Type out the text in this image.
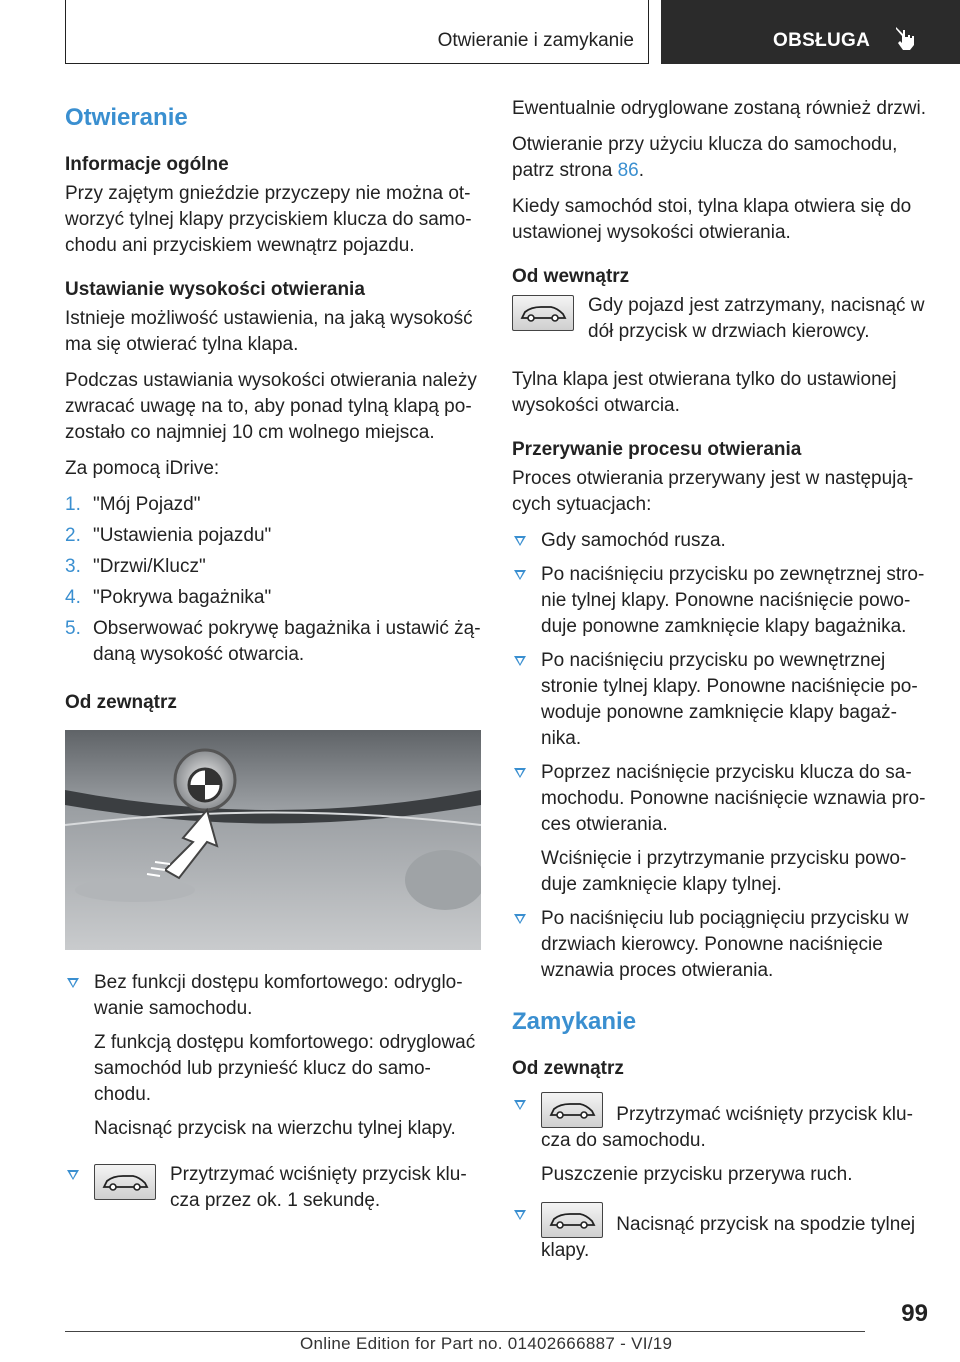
Otwieranie i zamykanie	OBSŁUGA
Otwieranie
Informacje ogólne

Przy zajętym gnieździe przyczepy nie można otworzyć tylnej klapy przyciskiem klucza do samochodu ani przyciskiem wewnątrz pojazdu.

Ustawianie wysokości otwierania

Istnieje możliwość ustawienia, na jaką wysokość ma się otwierać tylna klapa.

Podczas ustawiania wysokości otwierania należy zwracać uwagę na to, aby ponad tylną klapą pozostało co najmniej 10 cm wolnego miejsca.

Za pomocą iDrive:

1. "Mój Pojazd"
2. "Ustawienia pojazdu"
3. "Drzwi/Klucz"
4. "Pokrywa bagażnika"
5. Obserwować pokrywę bagażnika i ustawić żądaną wysokość otwarcia.
Od zewnątrz

Bez funkcji dostępu komfortowego: odryglowanie samochodu.

Z funkcją dostępu komfortowego: odryglować samochód lub przynieść klucz do samochodu.

Nacisnąć przycisk na wierzchu tylnej klapy.

Przytrzymać wciśnięty przycisk klucza przez ok. 1 sekundę.

Ewentualnie odryglowane zostaną również drzwi.

Otwieranie przy użyciu klucza do samochodu, patrz strona 86.

Kiedy samochód stoi, tylna klapa otwiera się do ustawionej wysokości otwierania.

Od wewnątrz

Gdy pojazd jest zatrzymany, nacisnąć w dół przycisk w drzwiach kierowcy.

Tylna klapa jest otwierana tylko do ustawionej wysokości otwarcia.

Przerywanie procesu otwierania

Proces otwierania przerywany jest w następujących sytuacjach:

Gdy samochód rusza.
Po naciśnięciu przycisku po zewnętrznej stronie tylnej klapy. Ponowne naciśnięcie powoduje ponowne zamknięcie klapy bagażnika.
Po naciśnięciu przycisku po wewnętrznej stronie tylnej klapy. Ponowne naciśnięcie powoduje ponowne zamknięcie klapy bagażnika.
Poprzez naciśnięcie przycisku klucza do samochodu. Ponowne naciśnięcie wznawia proces otwierania.

Wciśnięcie i przytrzymanie przycisku powoduje zamknięcie klapy tylnej.

Po naciśnięciu lub pociągnięciu przycisku w drzwiach kierowcy. Ponowne naciśnięcie wznawia proces otwierania.
Zamykanie
Od zewnątrz

Przytrzymać wciśnięty przycisk klucza do samochodu.

Puszczenie przycisku przerywa ruch.

Nacisnąć przycisk na spodzie tylnej klapy.

99
Online Edition for Part no. 01402666887 - VI/19
